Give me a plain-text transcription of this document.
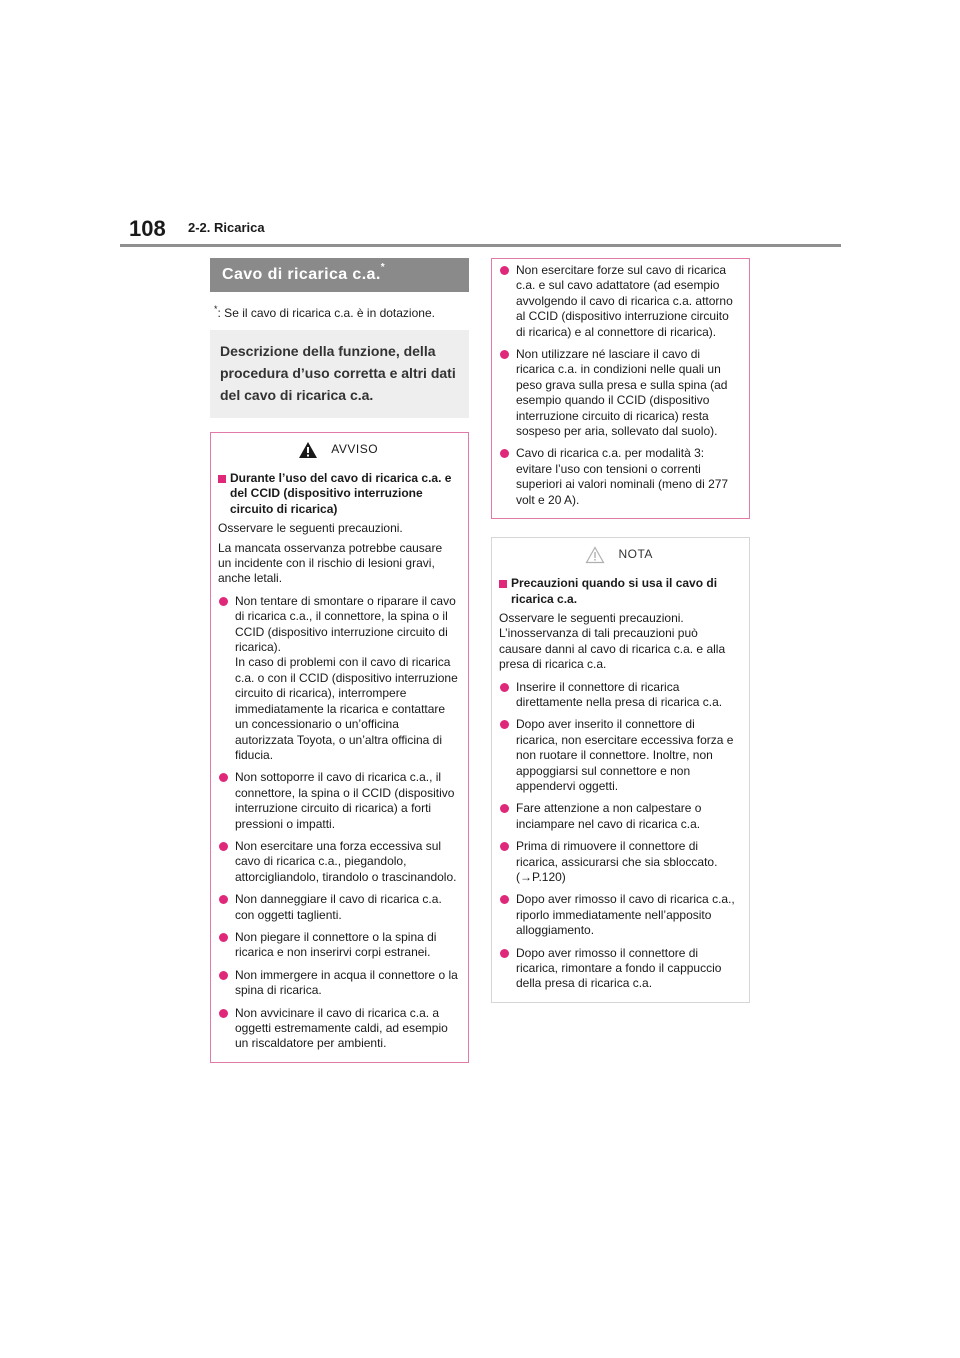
108 2-2. Ricarica
Cavo di ricarica c.a.*
*: Se il cavo di ricarica c.a. è in dotazione.
Descrizione della funzione, della procedura d’uso corretta e altri dati del cavo di ricarica c.a.
AVVISO
Durante l’uso del cavo di ricarica c.a. e del CCID (dispositivo interruzione circuito di ricarica)
Osservare le seguenti precauzioni.
La mancata osservanza potrebbe causare un incidente con il rischio di lesioni gravi, anche letali.
Non tentare di smontare o riparare il cavo di ricarica c.a., il connettore, la spina o il CCID (dispositivo interruzione circuito di ricarica).
In caso di problemi con il cavo di ricarica c.a. o con il CCID (dispositivo interruzione circuito di ricarica), interrompere immediatamente la ricarica e contattare un concessionario o un’officina autorizzata Toyota, o un’altra officina di fiducia.
Non sottoporre il cavo di ricarica c.a., il connettore, la spina o il CCID (dispositivo interruzione circuito di ricarica) a forti pressioni o impatti.
Non esercitare una forza eccessiva sul cavo di ricarica c.a., piegandolo, attorcigliandolo, tirandolo o trascinandolo.
Non danneggiare il cavo di ricarica c.a. con oggetti taglienti.
Non piegare il connettore o la spina di ricarica e non inserirvi corpi estranei.
Non immergere in acqua il connettore o la spina di ricarica.
Non avvicinare il cavo di ricarica c.a. a oggetti estremamente caldi, ad esempio un riscaldatore per ambienti.
Non esercitare forze sul cavo di ricarica c.a. e sul cavo adattatore (ad esempio avvolgendo il cavo di ricarica c.a. attorno al CCID (dispositivo interruzione circuito di ricarica) e al connettore di ricarica).
Non utilizzare né lasciare il cavo di ricarica c.a. in condizioni nelle quali un peso grava sulla presa e sulla spina (ad esempio quando il CCID (dispositivo interruzione circuito di ricarica) resta sospeso per aria, sollevato dal suolo).
Cavo di ricarica c.a. per modalità 3: evitare l’uso con tensioni o correnti superiori ai valori nominali (meno di 277 volt e 20 A).
NOTA
Precauzioni quando si usa il cavo di ricarica c.a.
Osservare le seguenti precauzioni. L’inosservanza di tali precauzioni può causare danni al cavo di ricarica c.a. e alla presa di ricarica c.a.
Inserire il connettore di ricarica direttamente nella presa di ricarica c.a.
Dopo aver inserito il connettore di ricarica, non esercitare eccessiva forza e non ruotare il connettore. Inoltre, non appoggiarsi sul connettore e non appendervi oggetti.
Fare attenzione a non calpestare o inciampare nel cavo di ricarica c.a.
Prima di rimuovere il connettore di ricarica, assicurarsi che sia sbloccato. (→P.120)
Dopo aver rimosso il cavo di ricarica c.a., riporlo immediatamente nell’apposito alloggiamento.
Dopo aver rimosso il connettore di ricarica, rimontare a fondo il cappuccio della presa di ricarica c.a.
